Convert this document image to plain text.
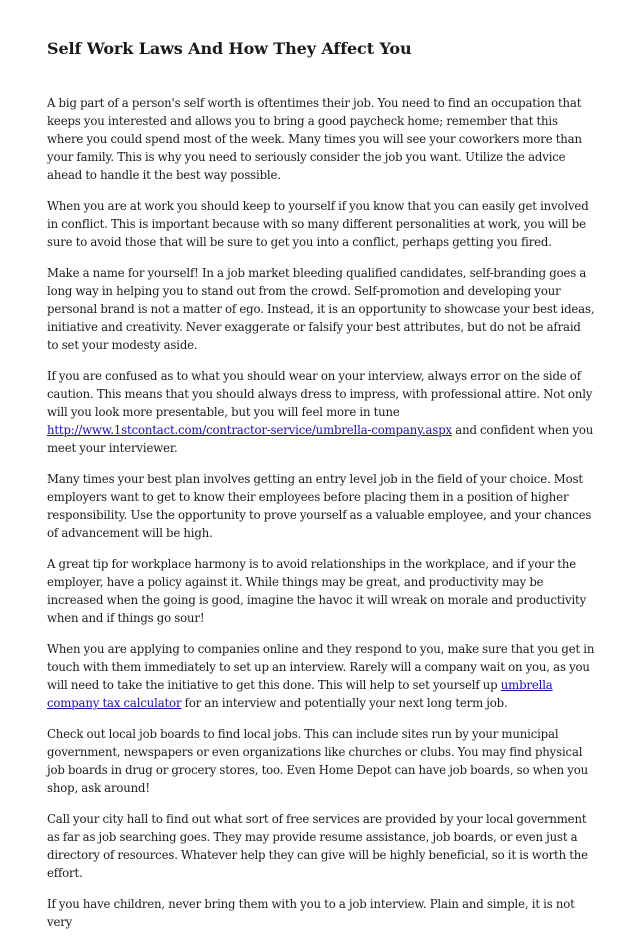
Self Work Laws And How They Affect You

A big part of a person's self worth is oftentimes their job. You need to find an occupation that keeps you interested and allows you to bring a good paycheck home; remember that this where you could spend most of the week. Many times you will see your coworkers more than your family. This is why you need to seriously consider the job you want. Utilize the advice ahead to handle it the best way possible.

When you are at work you should keep to yourself if you know that you can easily get involved in conflict. This is important because with so many different personalities at work, you will be sure to avoid those that will be sure to get you into a conflict, perhaps getting you fired.

Make a name for yourself! In a job market bleeding qualified candidates, self-branding goes a long way in helping you to stand out from the crowd. Self-promotion and developing your personal brand is not a matter of ego. Instead, it is an opportunity to showcase your best ideas, initiative and creativity. Never exaggerate or falsify your best attributes, but do not be afraid to set your modesty aside.

If you are confused as to what you should wear on your interview, always error on the side of caution. This means that you should always dress to impress, with professional attire. Not only will you look more presentable, but you will feel more in tune http://www.1stcontact.com/contractor-service/umbrella-company.aspx and confident when you meet your interviewer.

Many times your best plan involves getting an entry level job in the field of your choice. Most employers want to get to know their employees before placing them in a position of higher responsibility. Use the opportunity to prove yourself as a valuable employee, and your chances of advancement will be high.

A great tip for workplace harmony is to avoid relationships in the workplace, and if your the employer, have a policy against it. While things may be great, and productivity may be increased when the going is good, imagine the havoc it will wreak on morale and productivity when and if things go sour!

When you are applying to companies online and they respond to you, make sure that you get in touch with them immediately to set up an interview. Rarely will a company wait on you, as you will need to take the initiative to get this done. This will help to set yourself up umbrella company tax calculator for an interview and potentially your next long term job.

Check out local job boards to find local jobs. This can include sites run by your municipal government, newspapers or even organizations like churches or clubs. You may find physical job boards in drug or grocery stores, too. Even Home Depot can have job boards, so when you shop, ask around!

Call your city hall to find out what sort of free services are provided by your local government as far as job searching goes. They may provide resume assistance, job boards, or even just a directory of resources. Whatever help they can give will be highly beneficial, so it is worth the effort.

If you have children, never bring them with you to a job interview. Plain and simple, it is not very
